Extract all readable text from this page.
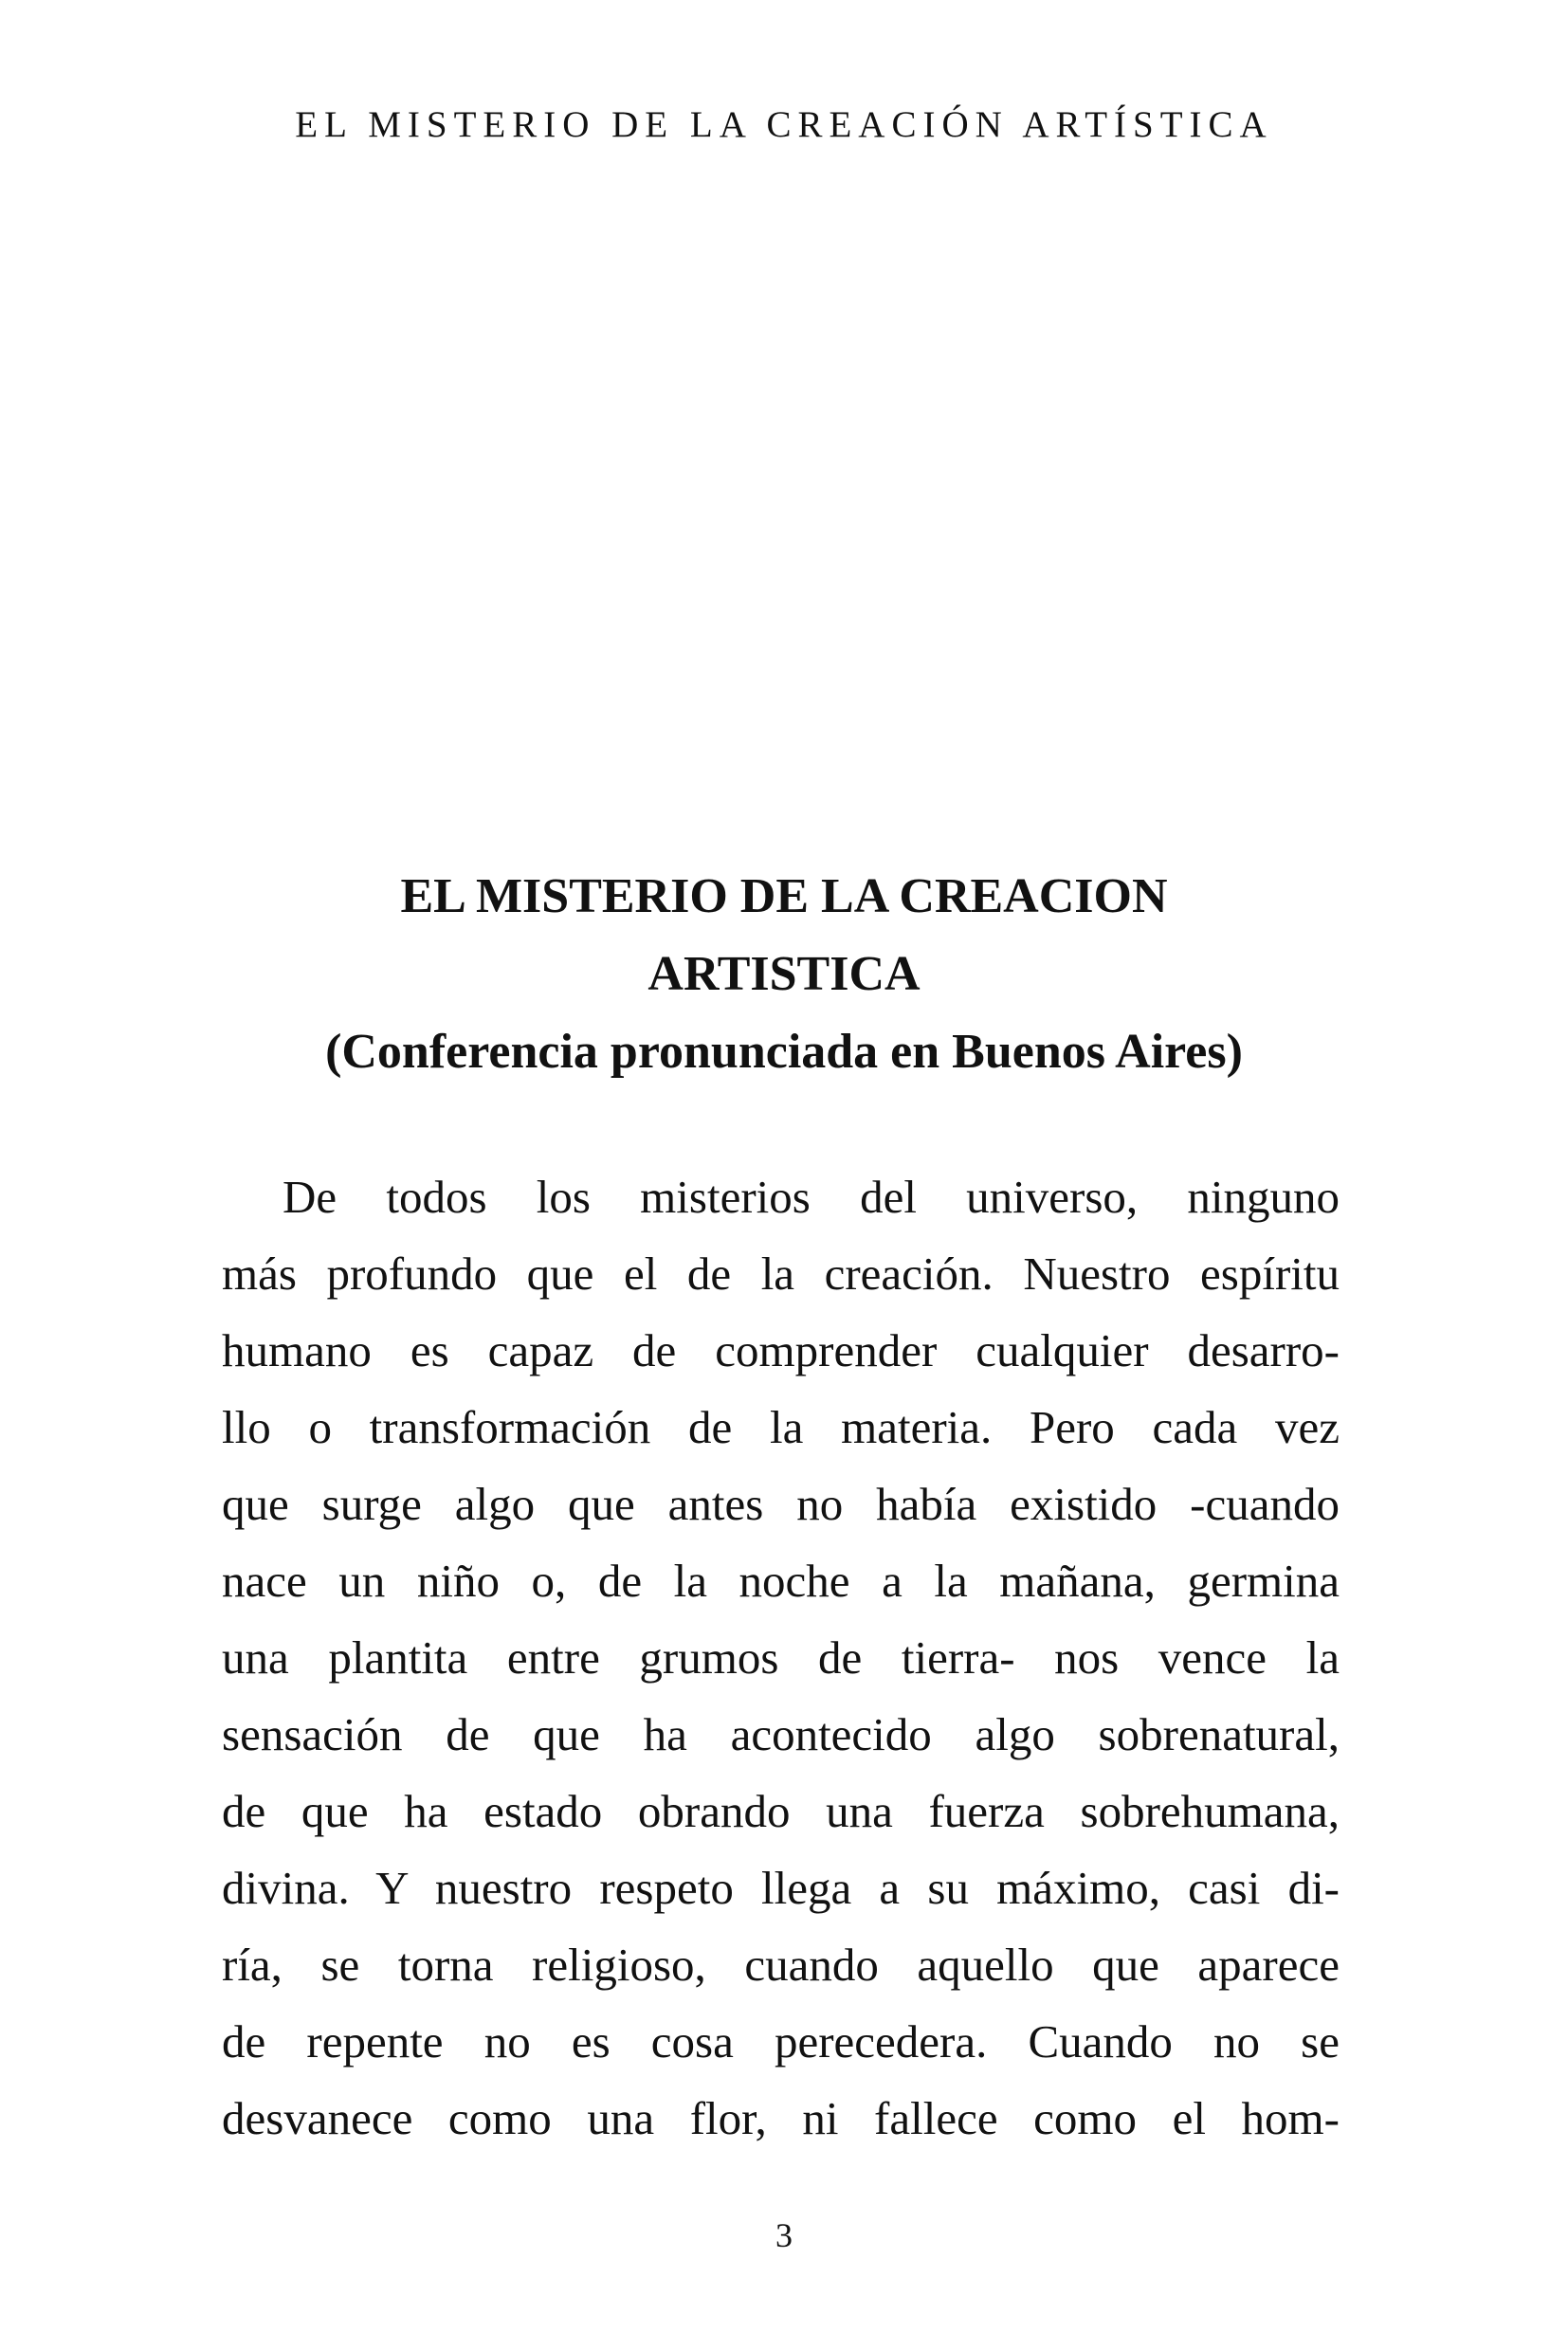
EL MISTERIO DE LA CREACIÓN ARTÍSTICA
EL MISTERIO DE LA CREACION
ARTISTICA
(Conferencia pronunciada en Buenos Aires)
De todos los misterios del universo, ninguno
más profundo que el de la creación. Nuestro espíritu
humano es capaz de comprender cualquier desarro-
llo o transformación de la materia. Pero cada vez
que surge algo que antes no había existido -cuando
nace un niño o, de la noche a la mañana, germina
una plantita entre grumos de tierra- nos vence la
sensación de que ha acontecido algo sobrenatural,
de que ha estado obrando una fuerza sobrehumana,
divina. Y nuestro respeto llega a su máximo, casi di-
ría, se torna religioso, cuando aquello que aparece
de repente no es cosa perecedera. Cuando no se
desvanece como una flor, ni fallece como el hom-
3
